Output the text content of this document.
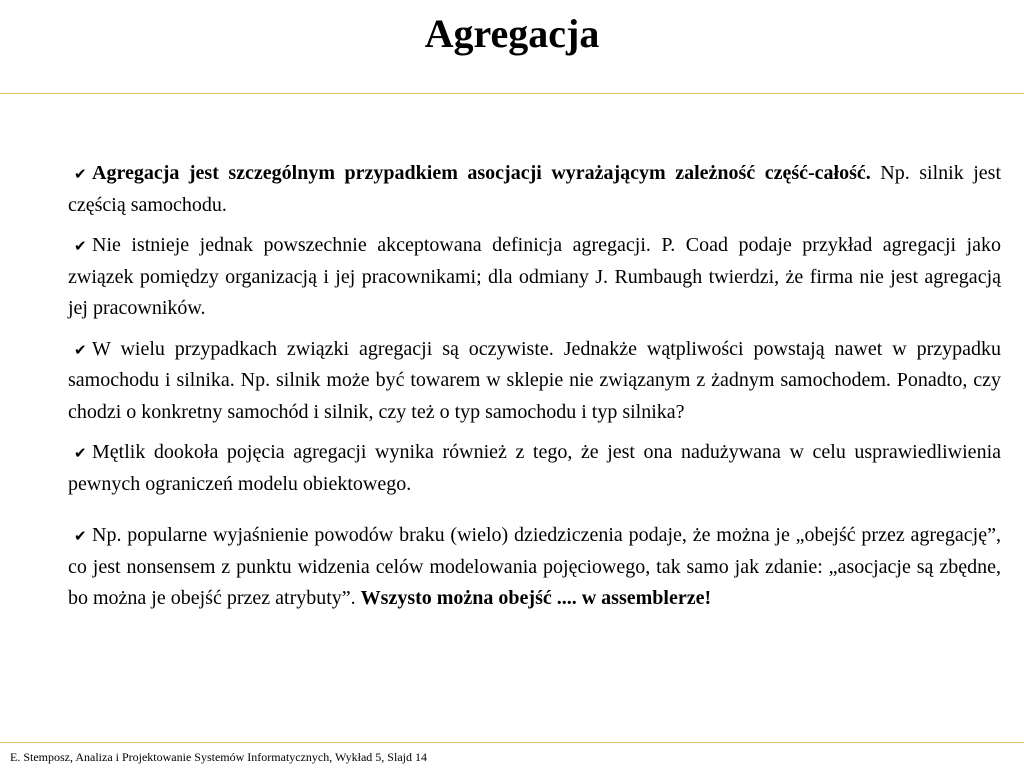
Agregacja

✔ Agregacja jest szczególnym przypadkiem asocjacji wyrażającym zależność część-całość. Np. silnik jest częścią samochodu.

✔ Nie istnieje jednak powszechnie akceptowana definicja agregacji. P. Coad podaje przykład agregacji jako związek pomiędzy organizacją i jej pracownikami; dla odmiany J. Rumbaugh twierdzi, że firma nie jest agregacją jej pracowników.

✔ W wielu przypadkach związki agregacji są oczywiste. Jednakże wątpliwości powstają nawet w przypadku samochodu i silnika. Np. silnik może być towarem w sklepie nie związanym z żadnym samochodem. Ponadto, czy chodzi o konkretny samochód i silnik, czy też o typ samochodu i typ silnika?

✔ Mętlik dookoła pojęcia agregacji wynika również z tego, że jest ona nadużywana w celu usprawiedliwienia pewnych ograniczeń modelu obiektowego.

✔ Np. popularne wyjaśnienie powodów braku (wielo) dziedziczenia podaje, że można je „obejść przez agregację”, co jest nonsensem z punktu widzenia celów modelowania pojęciowego, tak samo jak zdanie: „asocjacje są zbędne, bo można je obejść przez atrybuty”. Wszysto można obejść .... w assemblerze!

E. Stemposz, Analiza i Projektowanie Systemów Informatycznych, Wykład 5, Slajd 14
